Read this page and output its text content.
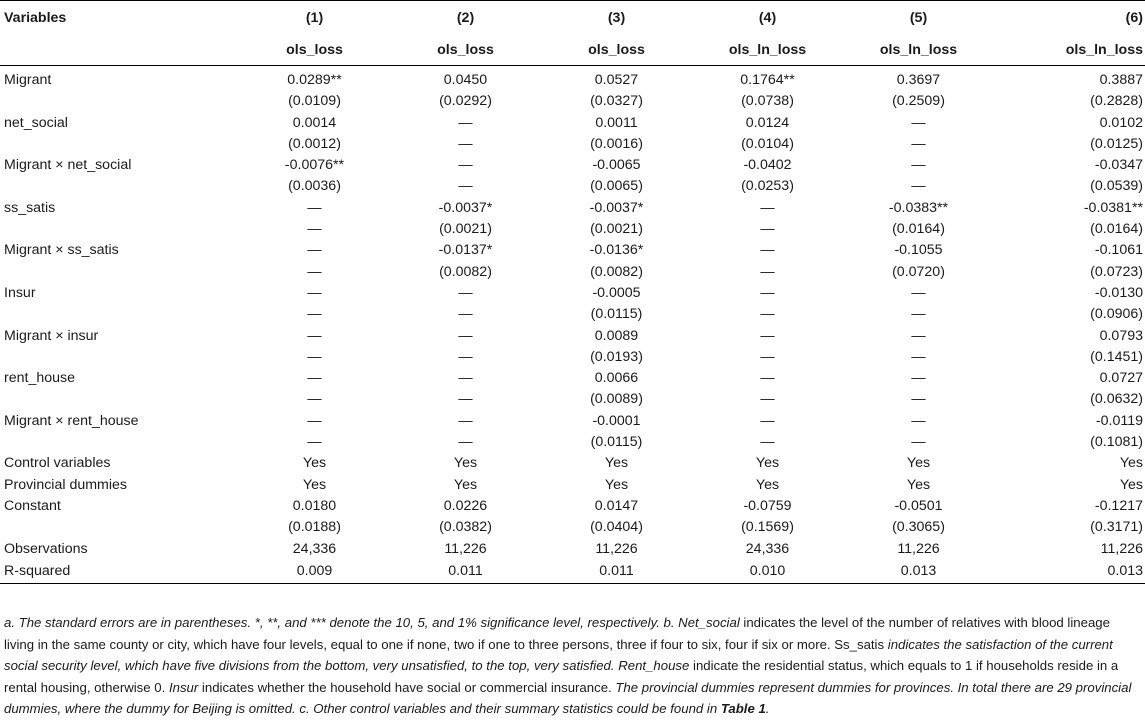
Variables	(1)	(2)	(3)	(4)	(5)	(6)
	ols_loss	ols_loss	ols_loss	ols_ln_loss	ols_ln_loss	ols_ln_loss
Migrant	0.0289**	0.0450	0.0527	0.1764**	0.3697	0.3887
	(0.0109)	(0.0292)	(0.0327)	(0.0738)	(0.2509)	(0.2828)
net_social	0.0014	—	0.0011	0.0124	—	0.0102
	(0.0012)	—	(0.0016)	(0.0104)	—	(0.0125)
Migrant × net_social	-0.0076**	—	-0.0065	-0.0402	—	-0.0347
	(0.0036)	—	(0.0065)	(0.0253)	—	(0.0539)
ss_satis	—	-0.0037*	-0.0037*	—	-0.0383**	-0.0381**
	—	(0.0021)	(0.0021)	—	(0.0164)	(0.0164)
Migrant × ss_satis	—	-0.0137*	-0.0136*	—	-0.1055	-0.1061
	—	(0.0082)	(0.0082)	—	(0.0720)	(0.0723)
Insur	—	—	-0.0005	—	—	-0.0130
	—	—	(0.0115)	—	—	(0.0906)
Migrant × insur	—	—	0.0089	—	—	0.0793
	—	—	(0.0193)	—	—	(0.1451)
rent_house	—	—	0.0066	—	—	0.0727
	—	—	(0.0089)	—	—	(0.0632)
Migrant × rent_house	—	—	-0.0001	—	—	-0.0119
	—	—	(0.0115)	—	—	(0.1081)
Control variables	Yes	Yes	Yes	Yes	Yes	Yes
Provincial dummies	Yes	Yes	Yes	Yes	Yes	Yes
Constant	0.0180	0.0226	0.0147	-0.0759	-0.0501	-0.1217
	(0.0188)	(0.0382)	(0.0404)	(0.1569)	(0.3065)	(0.3171)
Observations	24,336	11,226	11,226	24,336	11,226	11,226
R-squared	0.009	0.011	0.011	0.010	0.013	0.013
a. The standard errors are in parentheses. *, **, and *** denote the 10, 5, and 1% significance level, respectively. b. Net_social indicates the level of the number of relatives with blood lineage living in the same county or city, which have four levels, equal to one if none, two if one to three persons, three if four to six, four if six or more. Ss_satis indicates the satisfaction of the current social security level, which have five divisions from the bottom, very unsatisfied, to the top, very satisfied. Rent_house indicate the residential status, which equals to 1 if households reside in a rental housing, otherwise 0. Insur indicates whether the household have social or commercial insurance. The provincial dummies represent dummies for provinces. In total there are 29 provincial dummies, where the dummy for Beijing is omitted. c. Other control variables and their summary statistics could be found in Table 1.
